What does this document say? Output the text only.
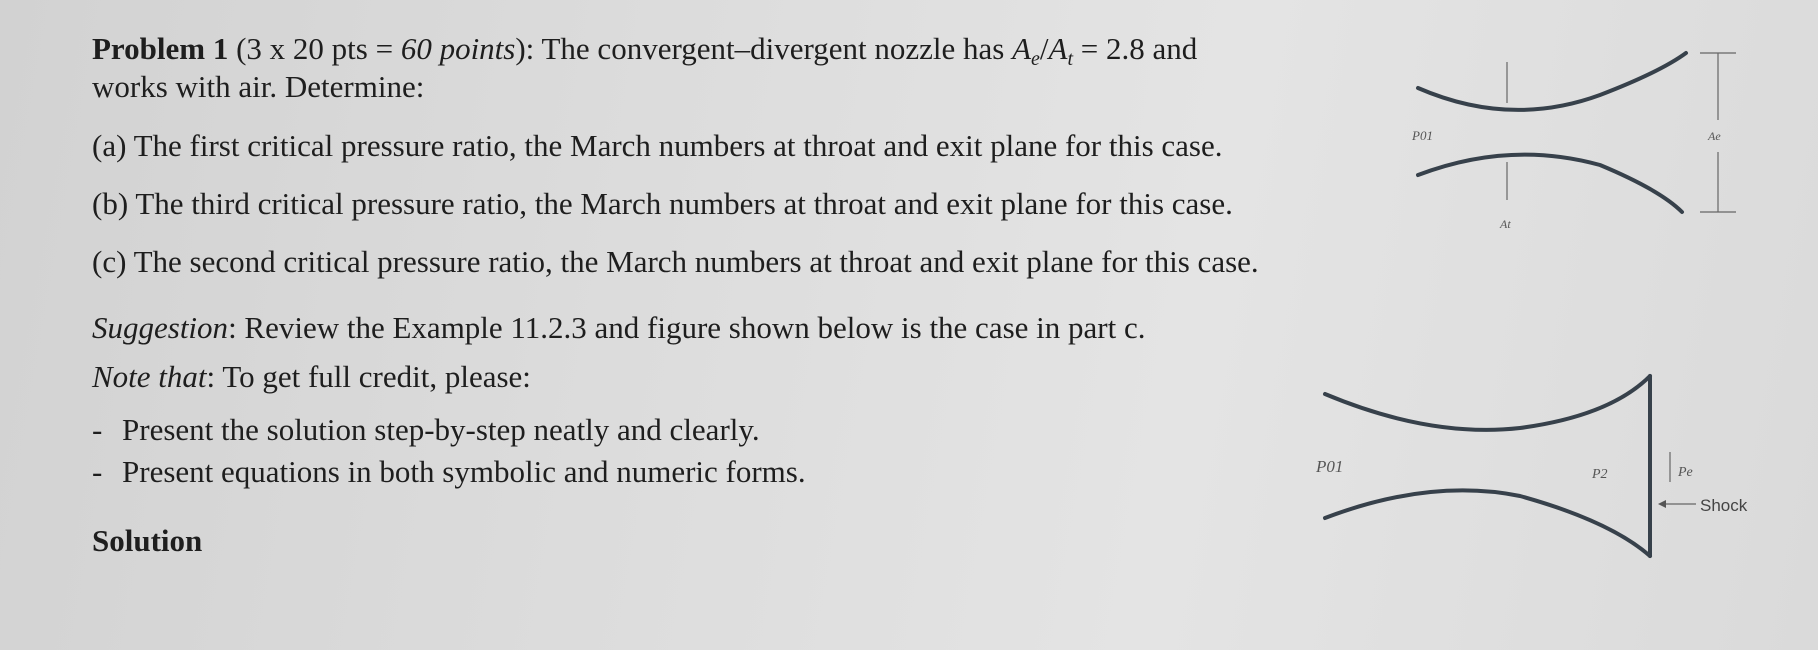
Problem 1 (3 x 20 pts = 60 points): The convergent–divergent nozzle has $A_e/A_t = 2.8$ and
works with air. Determine:
(a) The first critical pressure ratio, the March numbers at throat and exit plane for this case.
(b) The third critical pressure ratio, the March numbers at throat and exit plane for this case.
(c) The second critical pressure ratio, the March numbers at throat and exit plane for this case.
Suggestion: Review the Example 11.2.3 and figure shown below is the case in part c.
Note that: To get full credit, please:
- Present the solution step-by-step neatly and clearly.
- Present equations in both symbolic and numeric forms.
Solution
P01	Ae
At
P01	P2	Pe
Shock
